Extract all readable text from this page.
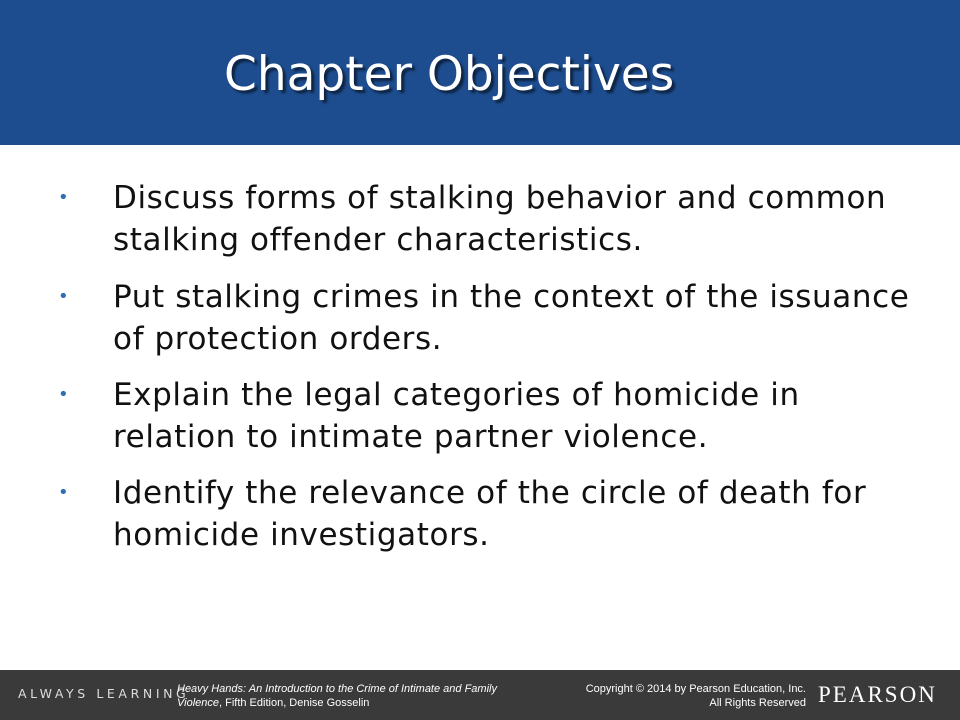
Chapter Objectives
• Discuss forms of stalking behavior and common stalking offender characteristics.
• Put stalking crimes in the context of the issuance of protection orders.
• Explain the legal categories of homicide in relation to intimate partner violence.
• Identify the relevance of the circle of death for homicide investigators.
ALWAYS LEARNING
Heavy Hands: An Introduction to the Crime of Intimate and Family Violence, Fifth Edition, Denise Gosselin
Copyright © 2014 by Pearson Education, Inc.
All Rights Reserved PEARSON
